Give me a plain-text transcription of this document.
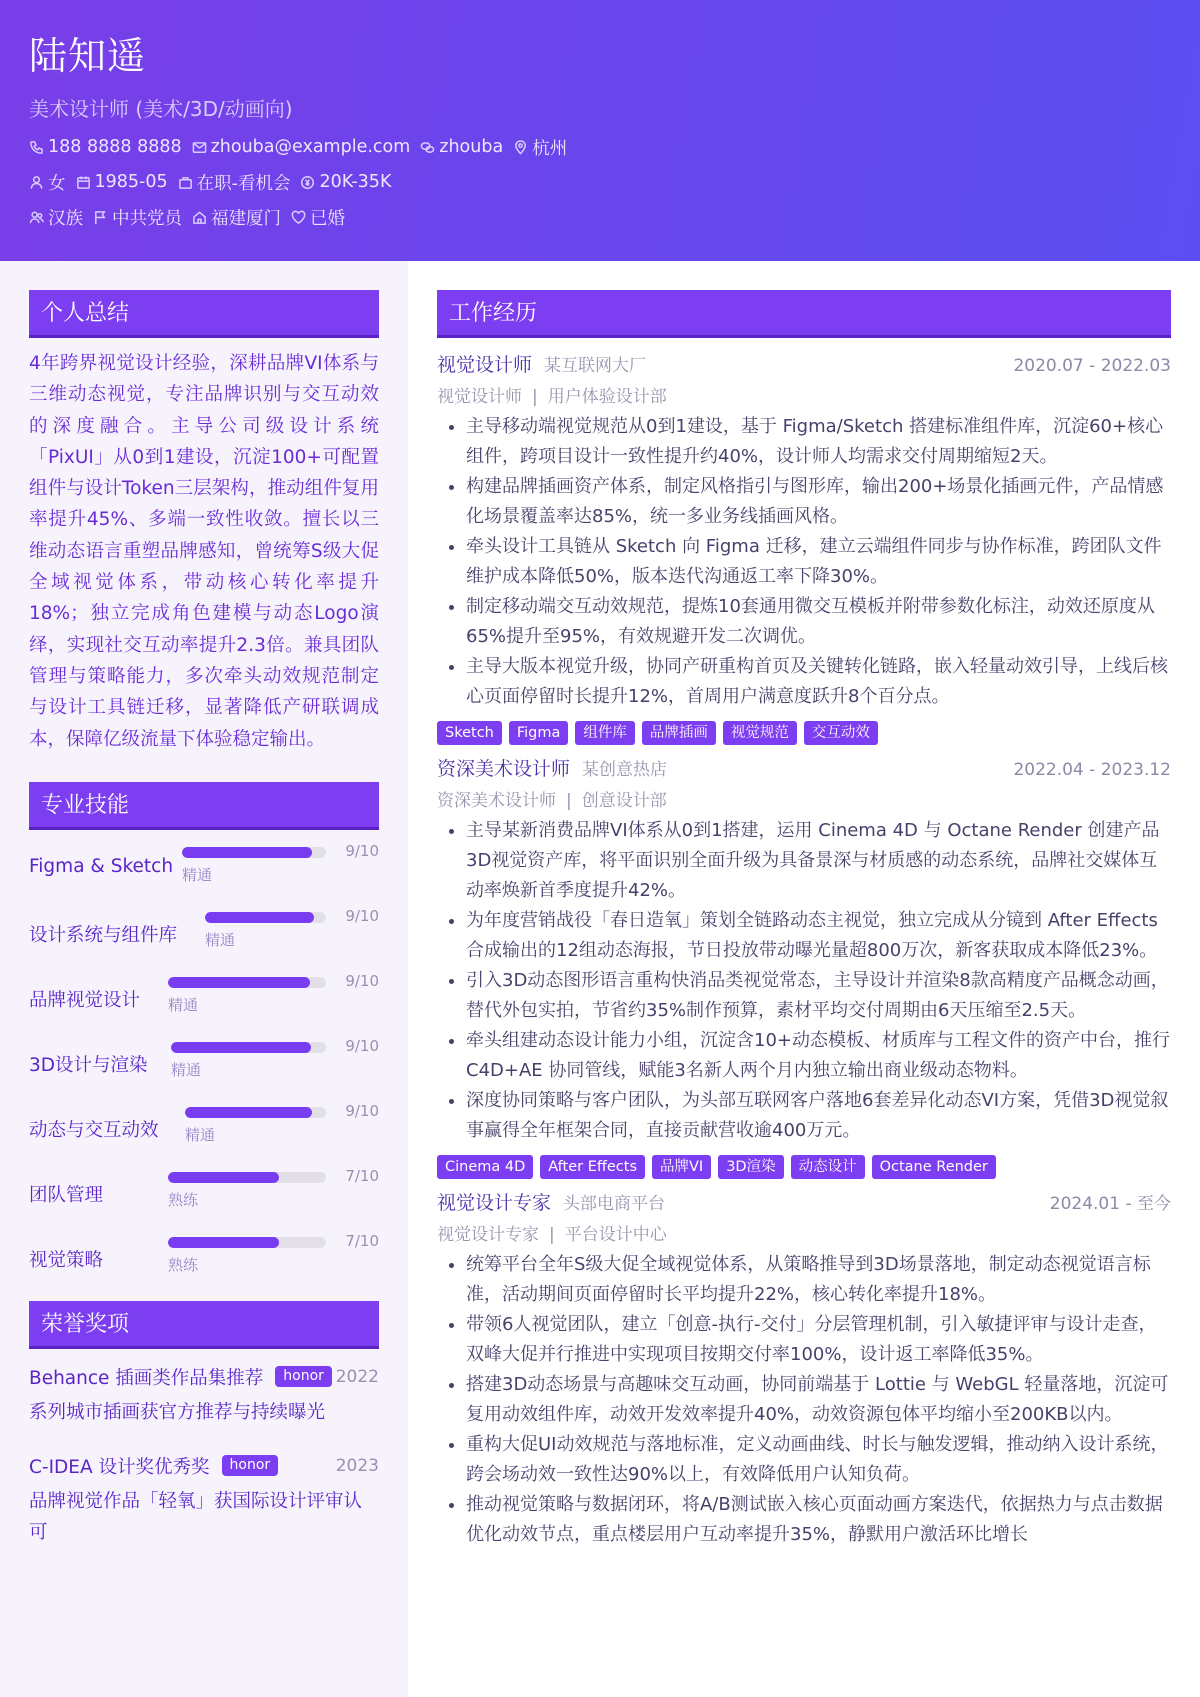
陆知遥
美术设计师 (美术/3D/动画向)
188 8888 8888 zhouba@example.com zhouba 杭州
女 1985-05 在职-看机会 20K-35K
汉族 中共党员 福建厦门 已婚
个人总结
4年跨界视觉设计经验，深耕品牌VI体系与三维动态视觉，专注品牌识别与交互动效的深度融合。主导公司级设计系统「PixUI」从0到1建设，沉淀100+可配置组件与设计Token三层架构，推动组件复用率提升45%、多端一致性收敛。擅长以三维动态语言重塑品牌感知，曾统筹S级大促全域视觉体系，带动核心转化率提升18%；独立完成角色建模与动态Logo演绎，实现社交互动率提升2.3倍。兼具团队管理与策略能力，多次牵头动效规范制定与设计工具链迁移，显著降低产研联调成本，保障亿级流量下体验稳定输出。
专业技能
Figma & Sketch 精通
9/10
设计系统与组件库 精通
9/10
品牌视觉设计 精通
9/10
3D设计与渲染 精通
9/10
动态与交互动效 精通
9/10
团队管理	熟练
7/10
视觉策略	熟练
7/10
荣誉奖项
Behance 插画类作品集推荐	honor 2022
系列城市插画获官方推荐与持续曝光
C-IDEA 设计奖优秀奖	honor	2023
品牌视觉作品「轻氧」获国际设计评审认可
工作经历
视觉设计师 某互联网大厂	2020.07 - 2022.03
视觉设计师 | 用户体验设计部
• 主导移动端视觉规范从0到1建设，基于 Figma/Sketch 搭建标准组件库，沉淀60+核心组件，跨项目设计一致性提升约40%，设计师人均需求交付周期缩短2天。
• 构建品牌插画资产体系，制定风格指引与图形库，输出200+场景化插画元件，产品情感化场景覆盖率达85%，统一多业务线插画风格。
• 牵头设计工具链从 Sketch 向 Figma 迁移，建立云端组件同步与协作标准，跨团队文件维护成本降低50%，版本迭代沟通返工率下降30%。
• 制定移动端交互动效规范，提炼10套通用微交互模板并附带参数化标注，动效还原度从65%提升至95%，有效规避开发二次调优。
• 主导大版本视觉升级，协同产研重构首页及关键转化链路，嵌入轻量动效引导，上线后核心页面停留时长提升12%，首周用户满意度跃升8个百分点。
Sketch	Figma	组件库	品牌插画	视觉规范	交互动效
资深美术设计师 某创意热店	2022.04 - 2023.12
资深美术设计师 | 创意设计部
• 主导某新消费品牌VI体系从0到1搭建，运用 Cinema 4D 与 Octane Render 创建产品3D视觉资产库，将平面识别全面升级为具备景深与材质感的动态系统，品牌社交媒体互动率焕新首季度提升42%。
• 为年度营销战役「春日造氧」策划全链路动态主视觉，独立完成从分镜到 After Effects 合成输出的12组动态海报，节日投放带动曝光量超800万次，新客获取成本降低23%。
• 引入3D动态图形语言重构快消品类视觉常态，主导设计并渲染8款高精度产品概念动画，替代外包实拍，节省约35%制作预算，素材平均交付周期由6天压缩至2.5天。
• 牵头组建动态设计能力小组，沉淀含10+动态模板、材质库与工程文件的资产中台，推行 C4D+AE 协同管线，赋能3名新人两个月内独立输出商业级动态物料。
• 深度协同策略与客户团队，为头部互联网客户落地6套差异化动态VI方案，凭借3D视觉叙事赢得全年框架合同，直接贡献营收逾400万元。
Cinema 4D	After Effects	品牌VI	3D渲染	动态设计	Octane Render
视觉设计专家 头部电商平台	2024.01 - 至今
视觉设计专家 | 平台设计中心
• 统筹平台全年S级大促全域视觉体系，从策略推导到3D场景落地，制定动态视觉语言标准，活动期间页面停留时长平均提升22%，核心转化率提升18%。
• 带领6人视觉团队，建立「创意-执行-交付」分层管理机制，引入敏捷评审与设计走查，双峰大促并行推进中实现项目按期交付率100%，设计返工率降低35%。
• 搭建3D动态场景与高趣味交互动画，协同前端基于 Lottie 与 WebGL 轻量落地，沉淀可复用动效组件库，动效开发效率提升40%，动效资源包体平均缩小至200KB以内。
• 重构大促UI动效规范与落地标准，定义动画曲线、时长与触发逻辑，推动纳入设计系统，跨会场动效一致性达90%以上，有效降低用户认知负荷。
• 推动视觉策略与数据闭环，将A/B测试嵌入核心页面动画方案迭代，依据热力与点击数据优化动效节点，重点楼层用户互动率提升35%，静默用户激活环比增长
